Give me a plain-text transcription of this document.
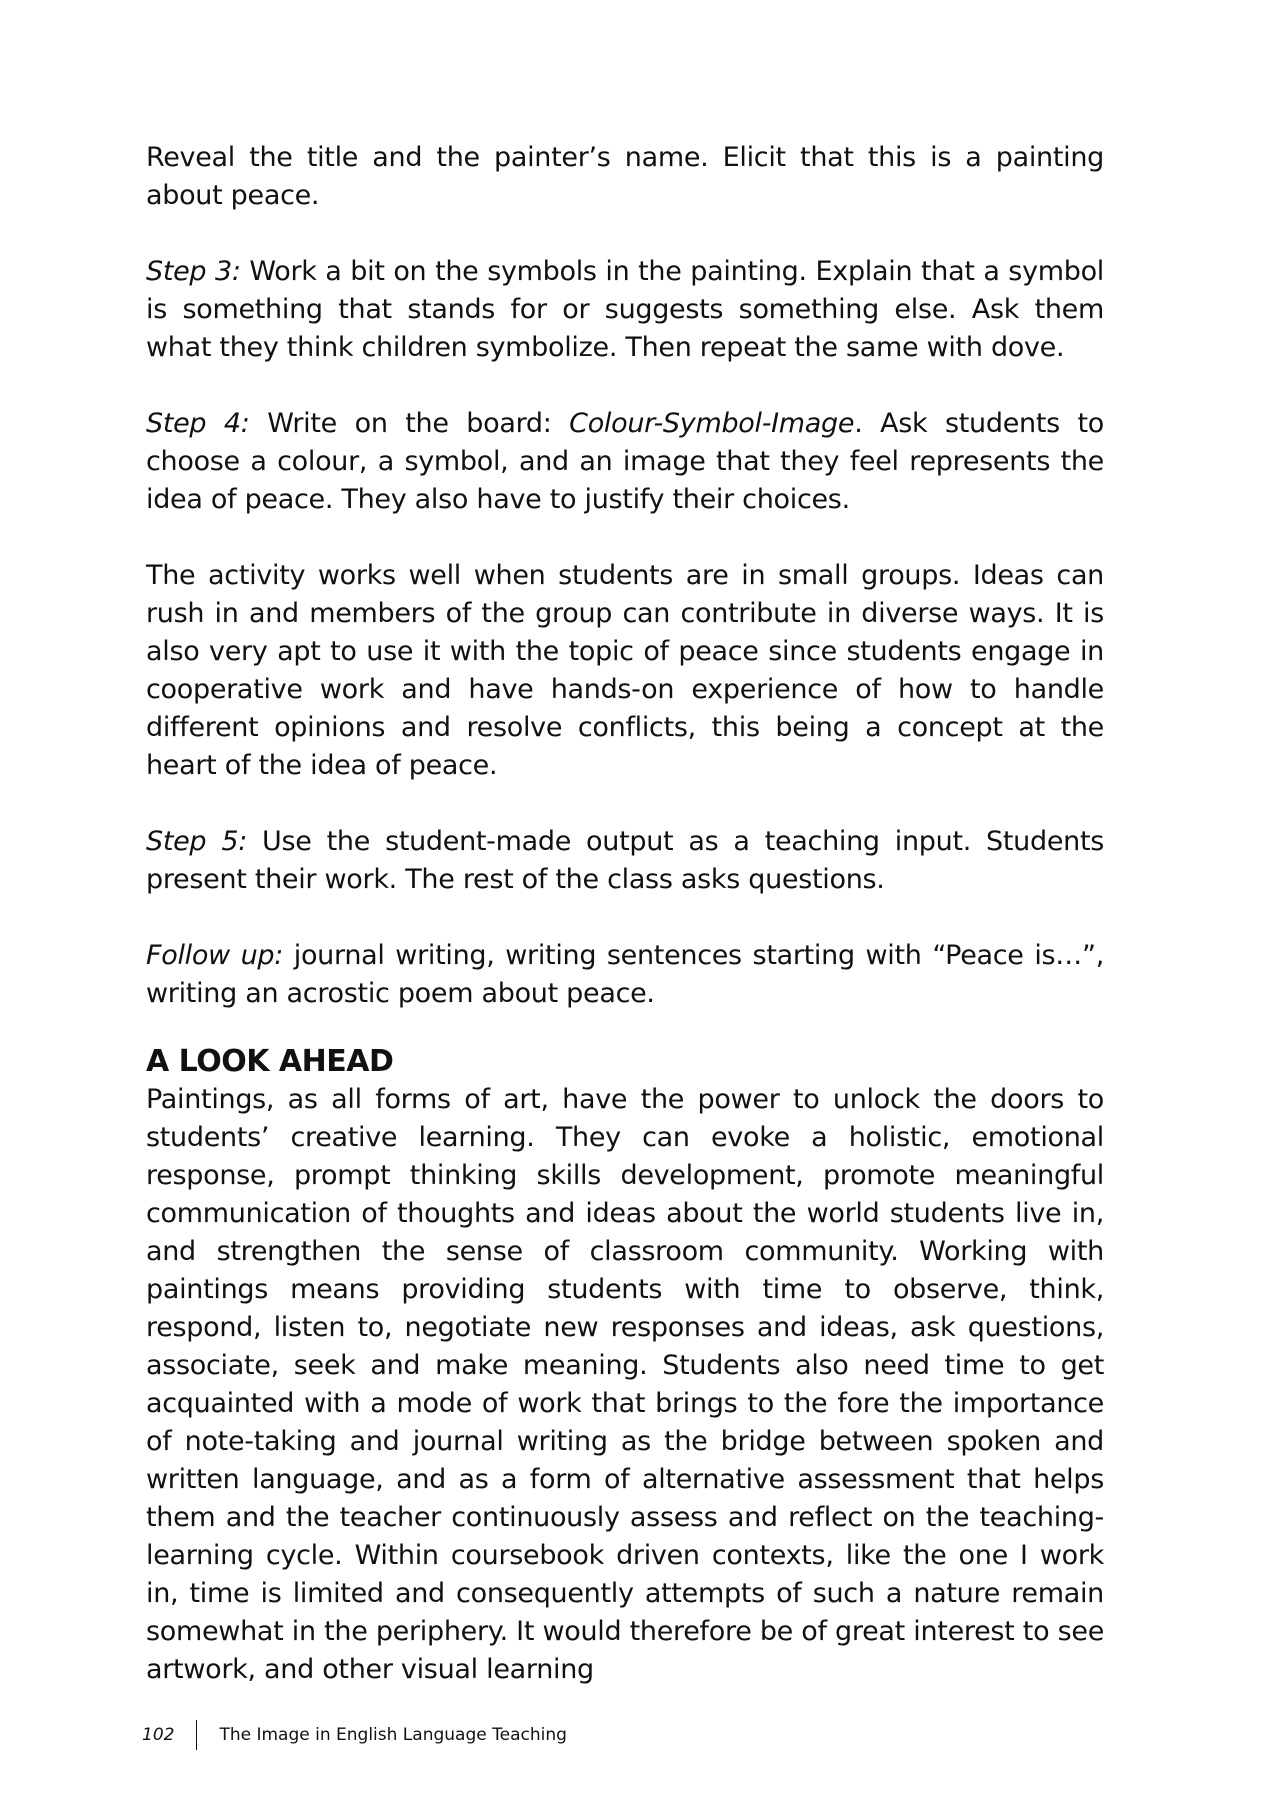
Reveal the title and the painter’s name. Elicit that this is a painting about peace.

Step 3: Work a bit on the symbols in the painting. Explain that a symbol is something that stands for or suggests something else. Ask them what they think children symbolize. Then repeat the same with dove.

Step 4: Write on the board: Colour-Symbol-Image. Ask students to choose a colour, a symbol, and an image that they feel represents the idea of peace. They also have to justify their choices.

The activity works well when students are in small groups. Ideas can rush in and members of the group can contribute in diverse ways. It is also very apt to use it with the topic of peace since students engage in cooperative work and have hands-on experience of how to handle different opinions and resolve conflicts, this being a concept at the heart of the idea of peace.

Step 5: Use the student-made output as a teaching input. Students present their work. The rest of the class asks questions.

Follow up: journal writing, writing sentences starting with “Peace is…”, writing an acrostic poem about peace.

A LOOK AHEAD

Paintings, as all forms of art, have the power to unlock the doors to students’ creative learning. They can evoke a holistic, emotional response, prompt thinking skills development, promote meaningful communication of thoughts and ideas about the world students live in, and strengthen the sense of classroom community. Working with paintings means providing students with time to observe, think, respond, listen to, negotiate new responses and ideas, ask questions, associate, seek and make meaning. Students also need time to get acquainted with a mode of work that brings to the fore the importance of note-taking and journal writing as the bridge between spoken and written language, and as a form of alternative assessment that helps them and the teacher continuously assess and reflect on the teaching-learning cycle. Within coursebook driven contexts, like the one I work in, time is limited and consequently attempts of such a nature remain somewhat in the periphery. It would therefore be of great interest to see artwork, and other visual learning

102	The Image in English Language Teaching
